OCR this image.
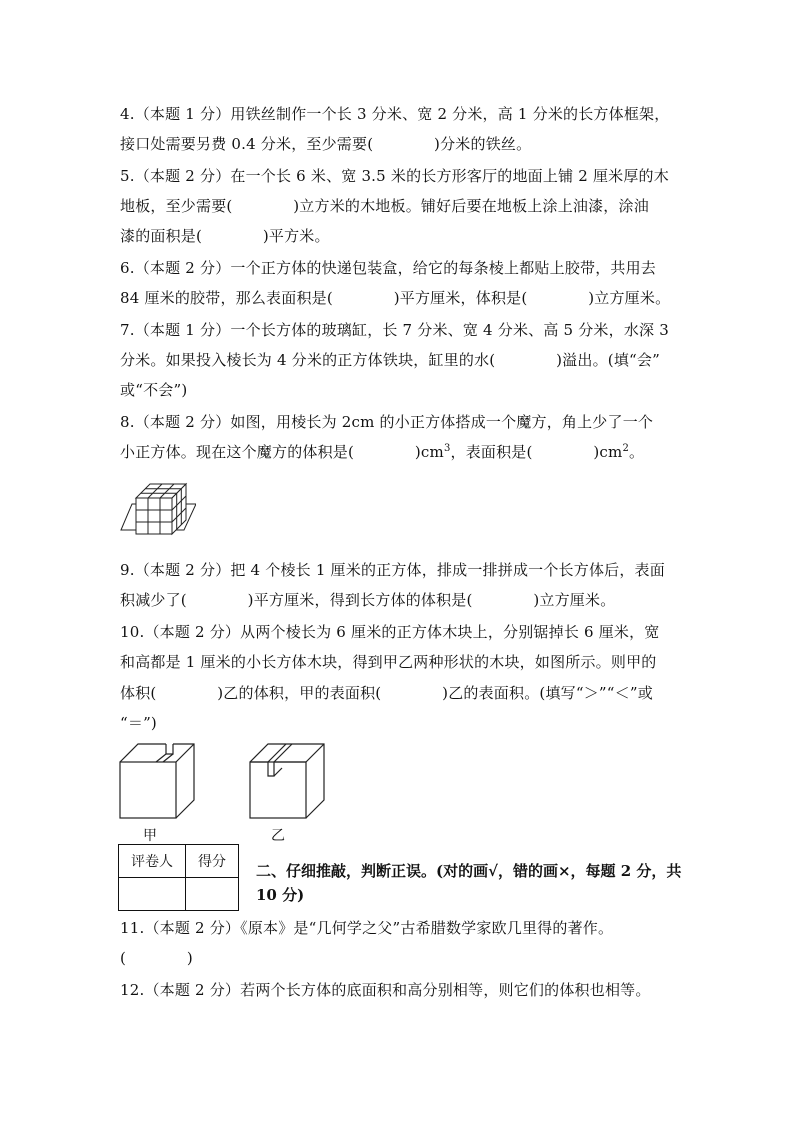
4.（本题 1 分）用铁丝制作一个长 3 分米、宽 2 分米，高 1 分米的长方体框架，
接口处需要另费 0.4 分米，至少需要(　　　　)分米的铁丝。
5.（本题 2 分）在一个长 6 米、宽 3.5 米的长方形客厅的地面上铺 2 厘米厚的木
地板，至少需要(　　　　)立方米的木地板。铺好后要在地板上涂上油漆，涂油
漆的面积是(　　　　)平方米。
6.（本题 2 分）一个正方体的快递包装盒，给它的每条棱上都贴上胶带，共用去
84 厘米的胶带，那么表面积是(　　　　)平方厘米，体积是(　　　　)立方厘米。
7.（本题 1 分）一个长方体的玻璃缸，长 7 分米、宽 4 分米、高 5 分米，水深 3
分米。如果投入棱长为 4 分米的正方体铁块，缸里的水(　　　　)溢出。(填“会”
或“不会”)
8.（本题 2 分）如图，用棱长为 2cm 的小正方体搭成一个魔方，角上少了一个
小正方体。现在这个魔方的体积是(　　　　)$cm^3$，表面积是(　　　　)$cm^2$。
9.（本题 2 分）把 4 个棱长 1 厘米的正方体，排成一排拼成一个长方体后，表面
积减少了(　　　　)平方厘米，得到长方体的体积是(　　　　)立方厘米。
10.（本题 2 分）从两个棱长为 6 厘米的正方体木块上，分别锯掉长 6 厘米，宽
和高都是 1 厘米的小长方体木块，得到甲乙两种形状的木块，如图所示。则甲的
体积(　　　　)乙的体积，甲的表面积(　　　　)乙的表面积。(填写“＞”“＜”或
“＝”)
甲	乙
评卷人	得分
	二、仔细推敲，判断正误。(对的画√，错的画×，每题 2 分，共 10 分)
11.（本题 2 分）《原本》是“几何学之父”古希腊数学家欧几里得的著作。
(　　　　)
12.（本题 2 分）若两个长方体的底面积和高分别相等，则它们的体积也相等。
